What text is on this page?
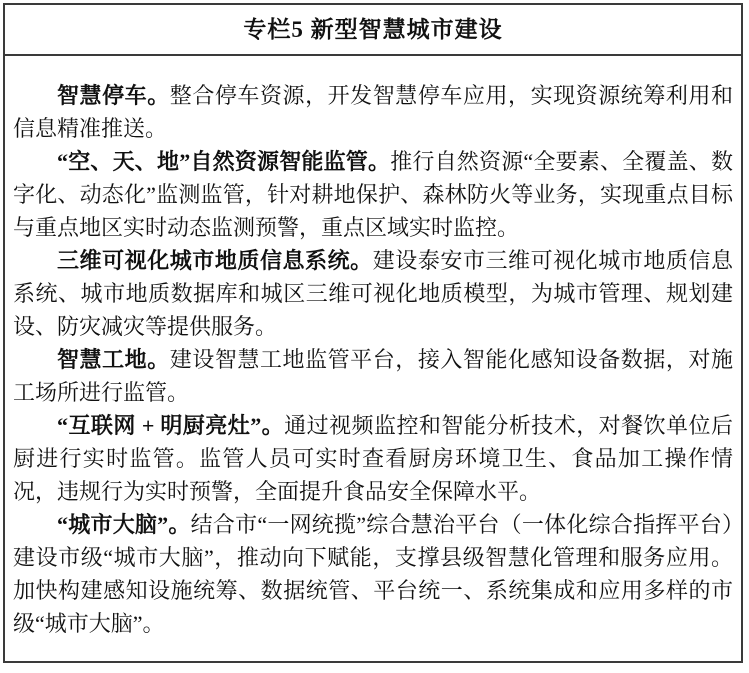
专栏5 新型智慧城市建设

智慧停车。整合停车资源，开发智慧停车应用，实现资源统筹利用和信息精准推送。

“空、天、地”自然资源智能监管。推行自然资源“全要素、全覆盖、数字化、动态化”监测监管，针对耕地保护、森林防火等业务，实现重点目标与重点地区实时动态监测预警，重点区域实时监控。

三维可视化城市地质信息系统。建设泰安市三维可视化城市地质信息系统、城市地质数据库和城区三维可视化地质模型，为城市管理、规划建设、防灾减灾等提供服务。

智慧工地。建设智慧工地监管平台，接入智能化感知设备数据，对施工场所进行监管。

“互联网 + 明厨亮灶”。通过视频监控和智能分析技术，对餐饮单位后厨进行实时监管。监管人员可实时查看厨房环境卫生、食品加工操作情况，违规行为实时预警，全面提升食品安全保障水平。

“城市大脑”。结合市“一网统揽”综合慧治平台（一体化综合指挥平台）建设市级“城市大脑”，推动向下赋能，支撑县级智慧化管理和服务应用。加快构建感知设施统筹、数据统管、平台统一、系统集成和应用多样的市级“城市大脑”。
